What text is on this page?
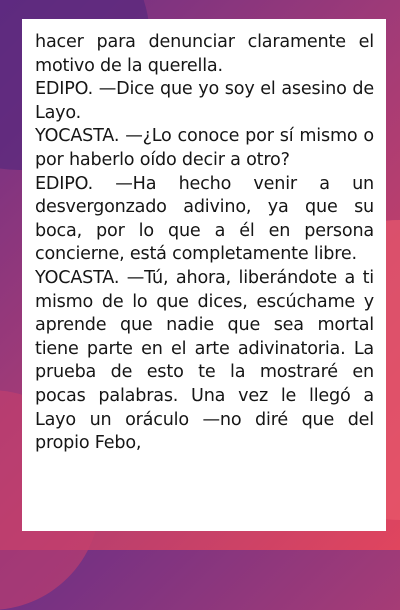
hacer para denunciar claramente el motivo de la querella.

EDIPO. —Dice que yo soy el asesino de Layo.

YOCASTA. —¿Lo conoce por sí mismo o por haberlo oído decir a otro?

EDIPO. —Ha hecho venir a un desvergonzado adivino, ya que su boca, por lo que a él en persona concierne, está completamente libre.

YOCASTA. —Tú, ahora, liberándote a ti mismo de lo que dices, escúchame y aprende que nadie que sea mortal tiene parte en el arte adivinatoria. La prueba de esto te la mostraré en pocas palabras. Una vez le llegó a Layo un oráculo —no diré que del propio Febo,
